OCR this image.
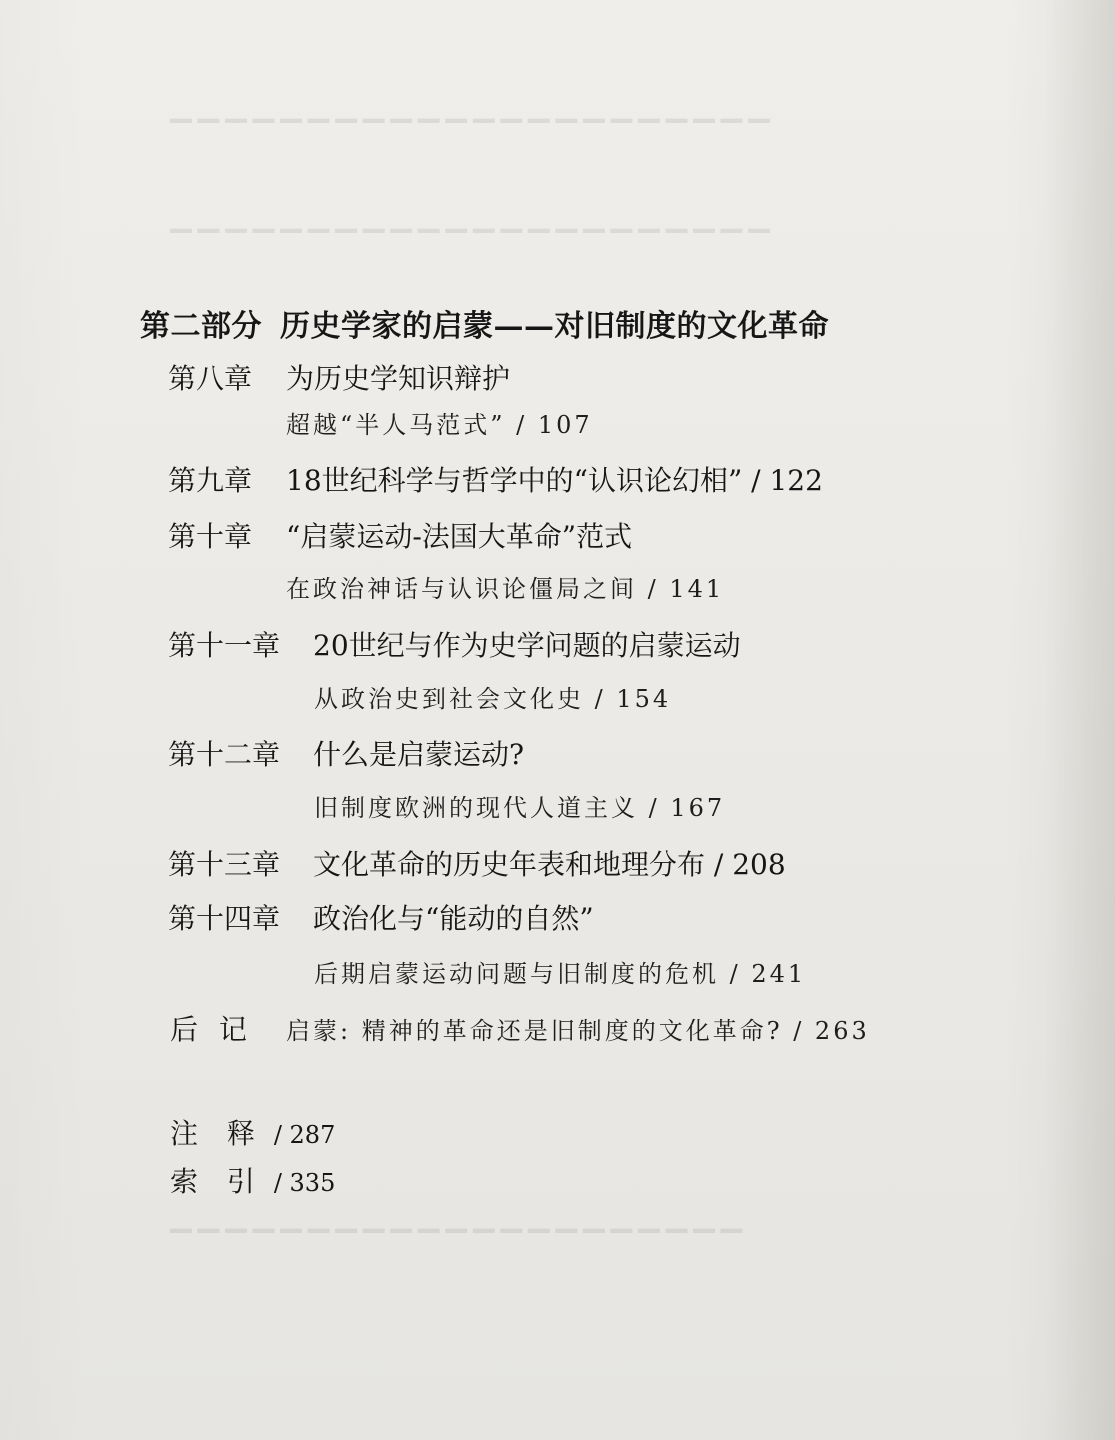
▁▁▁▁▁▁▁▁▁▁▁▁▁▁▁▁▁▁▁▁▁▁
▁▁▁▁▁▁▁▁▁▁▁▁▁▁▁▁▁▁▁▁▁▁
▁▁▁▁▁▁▁▁▁▁▁▁▁▁▁▁▁▁▁▁▁
第二部分 历史学家的启蒙——对旧制度的文化革命
第八章 为历史学知识辩护
超越“半人马范式” / 107
第九章 18世纪科学与哲学中的“认识论幻相” / 122
第十章 “启蒙运动-法国大革命”范式
在政治神话与认识论僵局之间 / 141
第十一章 20世纪与作为史学问题的启蒙运动
从政治史到社会文化史 / 154
第十二章 什么是启蒙运动?
旧制度欧洲的现代人道主义 / 167
第十三章 文化革命的历史年表和地理分布 / 208
第十四章 政治化与“能动的自然”
后期启蒙运动问题与旧制度的危机 / 241
后 记 启蒙: 精神的革命还是旧制度的文化革命? / 263
注 释 / 287
索 引 / 335
